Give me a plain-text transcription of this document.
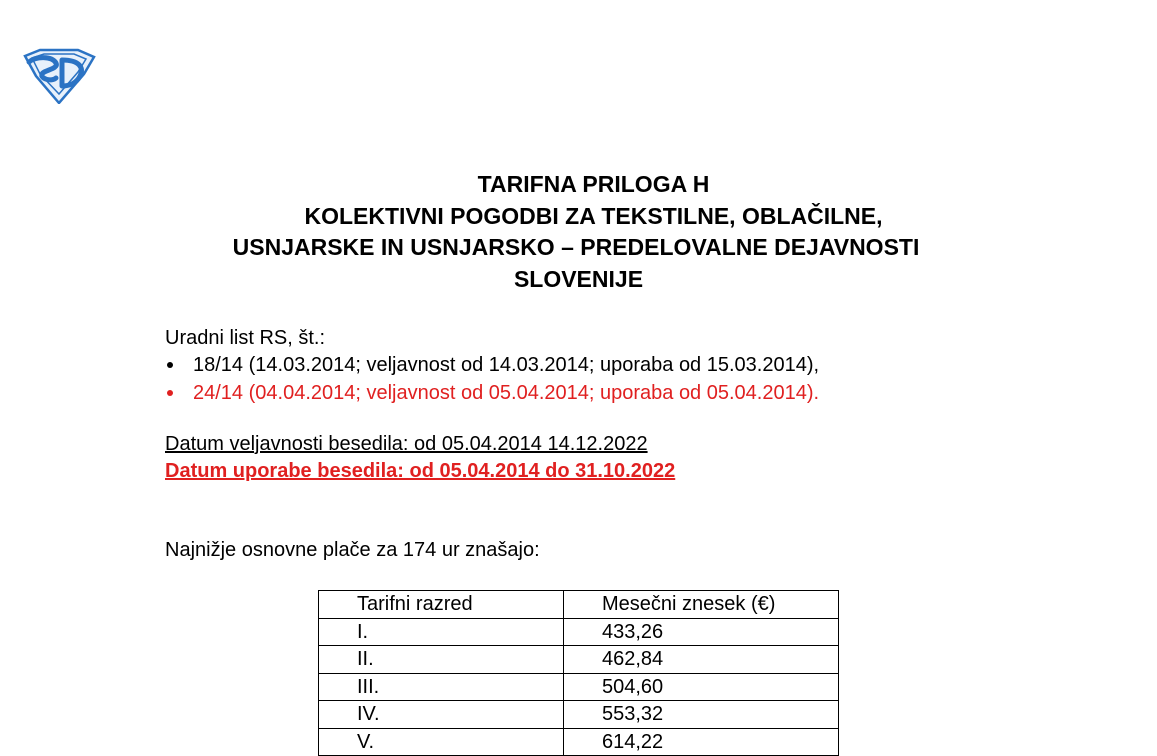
TARIFNA PRILOGA H
KOLEKTIVNI POGODBI ZA TEKSTILNE, OBLAČILNE,
USNJARSKE IN USNJARSKO – PREDELOVALNE DEJAVNOSTI
SLOVENIJE
Uradni list RS, št.:
18/14 (14.03.2014; veljavnost od 14.03.2014; uporaba od 15.03.2014),
24/14 (04.04.2014; veljavnost od 05.04.2014; uporaba od 05.04.2014).
Datum veljavnosti besedila: od 05.04.2014 14.12.2022
Datum uporabe besedila: od 05.04.2014 do 31.10.2022
Najnižje osnovne plače za 174 ur znašajo:
Tarifni razred	Mesečni znesek (€)
I.	433,26
II.	462,84
III.	504,60
IV.	553,32
V.	614,22
